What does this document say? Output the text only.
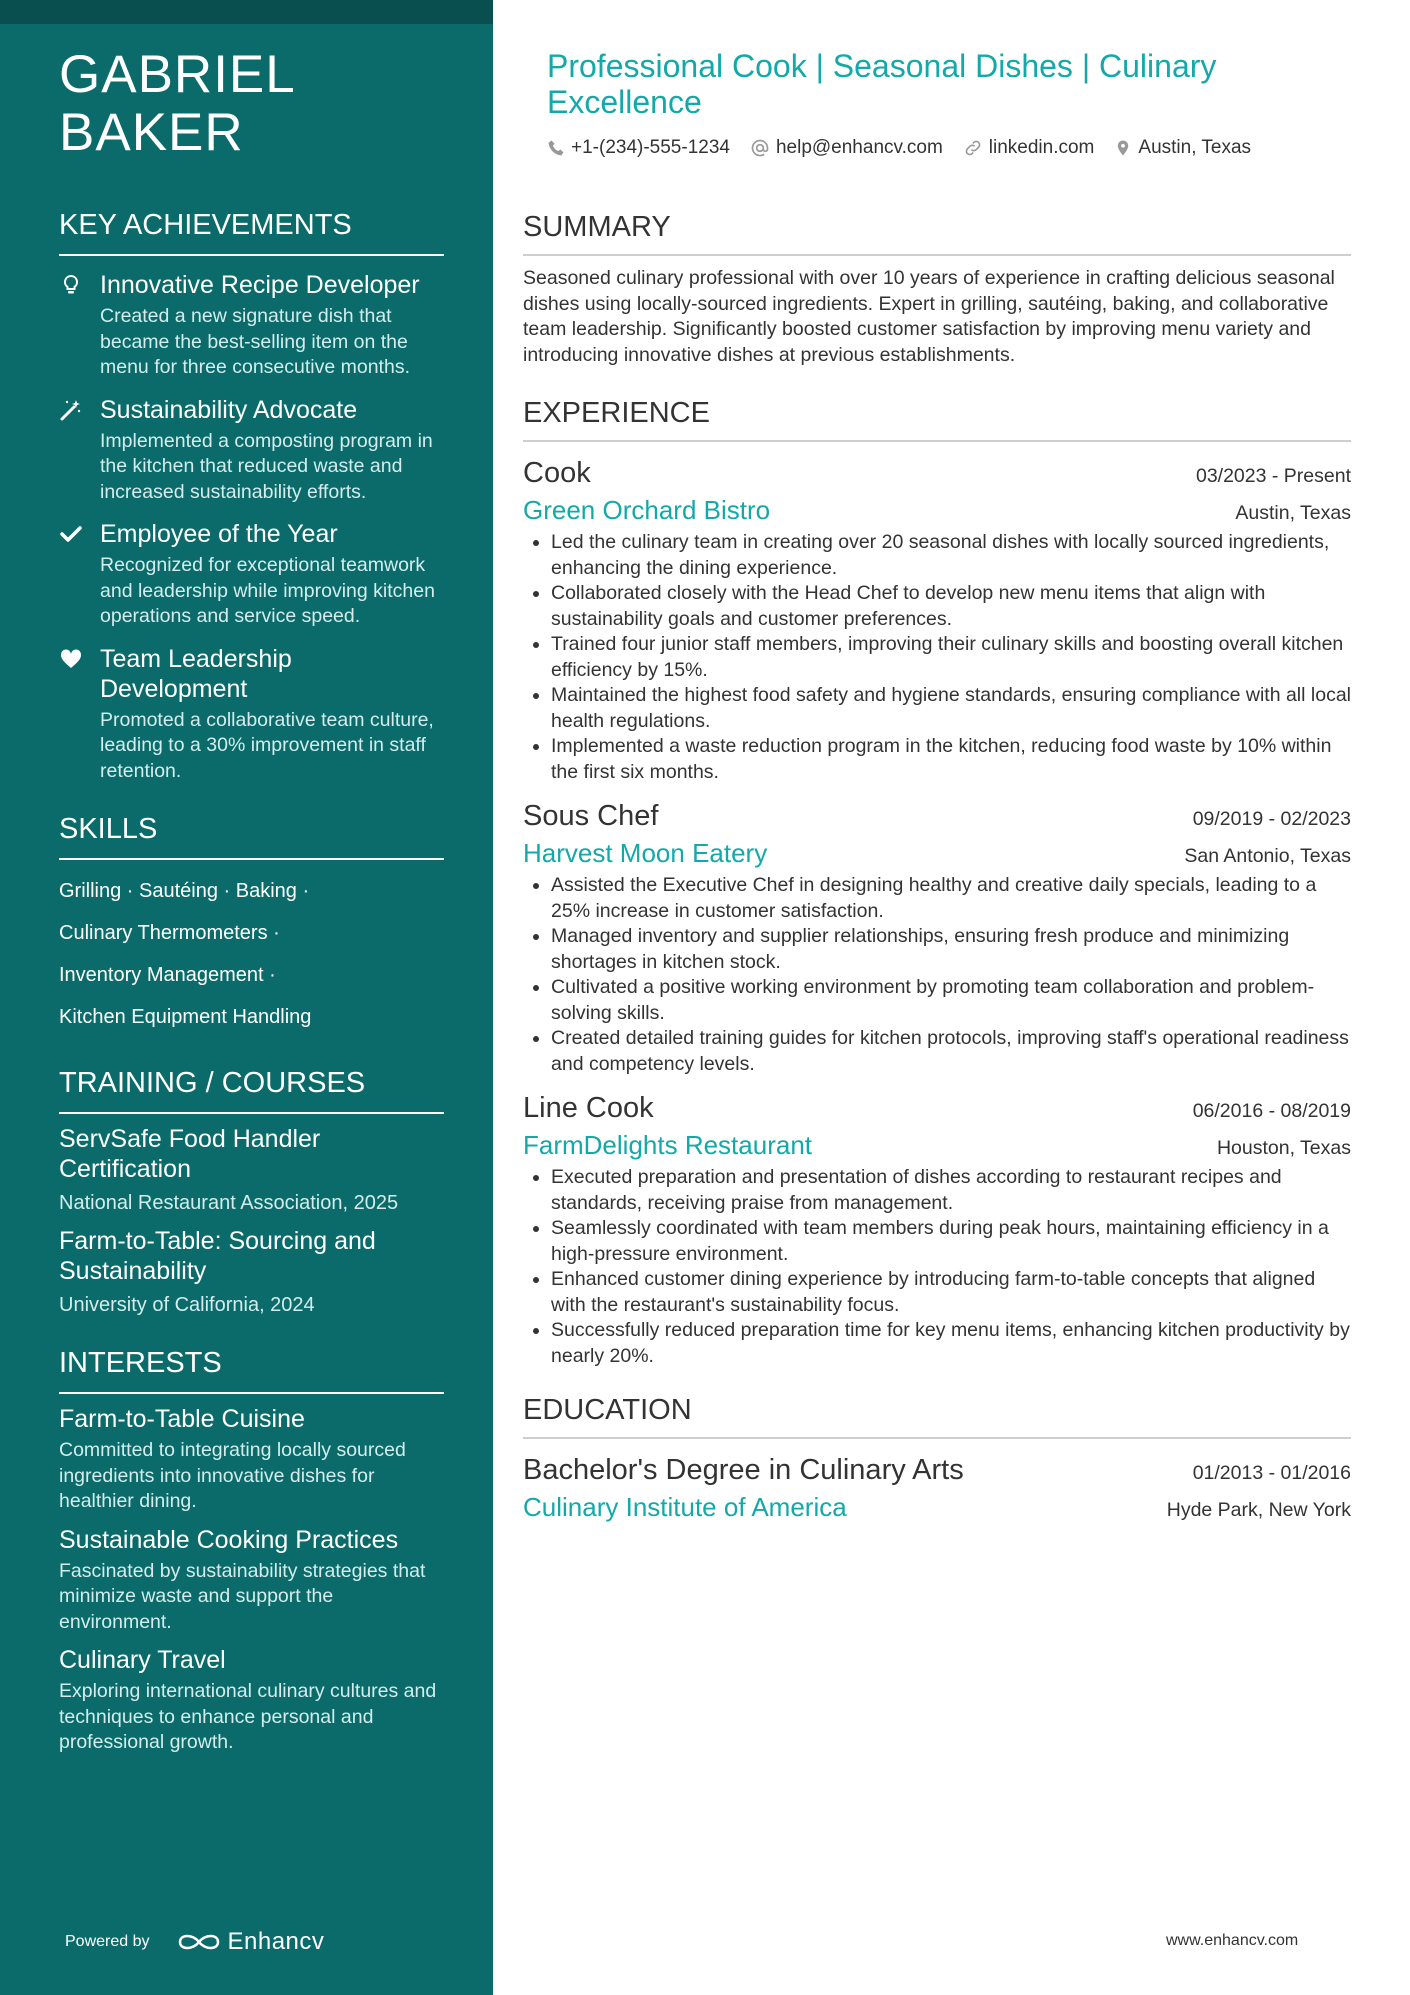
GABRIEL BAKER
KEY ACHIEVEMENTS
Innovative Recipe Developer
Created a new signature dish that became the best-selling item on the menu for three consecutive months.
Sustainability Advocate
Implemented a composting program in the kitchen that reduced waste and increased sustainability efforts.
Employee of the Year
Recognized for exceptional teamwork and leadership while improving kitchen operations and service speed.
Team Leadership Development
Promoted a collaborative team culture, leading to a 30% improvement in staff retention.
SKILLS
Grilling · Sautéing · Baking ·
Culinary Thermometers ·
Inventory Management ·
Kitchen Equipment Handling
TRAINING / COURSES
ServSafe Food Handler Certification
National Restaurant Association, 2025
Farm-to-Table: Sourcing and Sustainability
University of California, 2024
INTERESTS
Farm-to-Table Cuisine
Committed to integrating locally sourced ingredients into innovative dishes for healthier dining.
Sustainable Cooking Practices
Fascinated by sustainability strategies that minimize waste and support the environment.
Culinary Travel
Exploring international culinary cultures and techniques to enhance personal and professional growth.
Powered by	Enhancv
Professional Cook | Seasonal Dishes | Culinary Excellence
+1-(234)-555-1234 help@enhancv.com linkedin.com Austin, Texas
SUMMARY
Seasoned culinary professional with over 10 years of experience in crafting delicious seasonal dishes using locally-sourced ingredients. Expert in grilling, sautéing, baking, and collaborative team leadership. Significantly boosted customer satisfaction by improving menu variety and introducing innovative dishes at previous establishments.
EXPERIENCE
Cook	03/2023 - Present
Green Orchard Bistro	Austin, Texas
• Led the culinary team in creating over 20 seasonal dishes with locally sourced ingredients, enhancing the dining experience.
• Collaborated closely with the Head Chef to develop new menu items that align with sustainability goals and customer preferences.
• Trained four junior staff members, improving their culinary skills and boosting overall kitchen efficiency by 15%.
• Maintained the highest food safety and hygiene standards, ensuring compliance with all local health regulations.
• Implemented a waste reduction program in the kitchen, reducing food waste by 10% within the first six months.
Sous Chef	09/2019 - 02/2023
Harvest Moon Eatery	San Antonio, Texas
• Assisted the Executive Chef in designing healthy and creative daily specials, leading to a 25% increase in customer satisfaction.
• Managed inventory and supplier relationships, ensuring fresh produce and minimizing shortages in kitchen stock.
• Cultivated a positive working environment by promoting team collaboration and problem-solving skills.
• Created detailed training guides for kitchen protocols, improving staff's operational readiness and competency levels.
Line Cook	06/2016 - 08/2019
FarmDelights Restaurant	Houston, Texas
• Executed preparation and presentation of dishes according to restaurant recipes and standards, receiving praise from management.
• Seamlessly coordinated with team members during peak hours, maintaining efficiency in a high-pressure environment.
• Enhanced customer dining experience by introducing farm-to-table concepts that aligned with the restaurant's sustainability focus.
• Successfully reduced preparation time for key menu items, enhancing kitchen productivity by nearly 20%.
EDUCATION
Bachelor's Degree in Culinary Arts	01/2013 - 01/2016
Culinary Institute of America	Hyde Park, New York
www.enhancv.com
